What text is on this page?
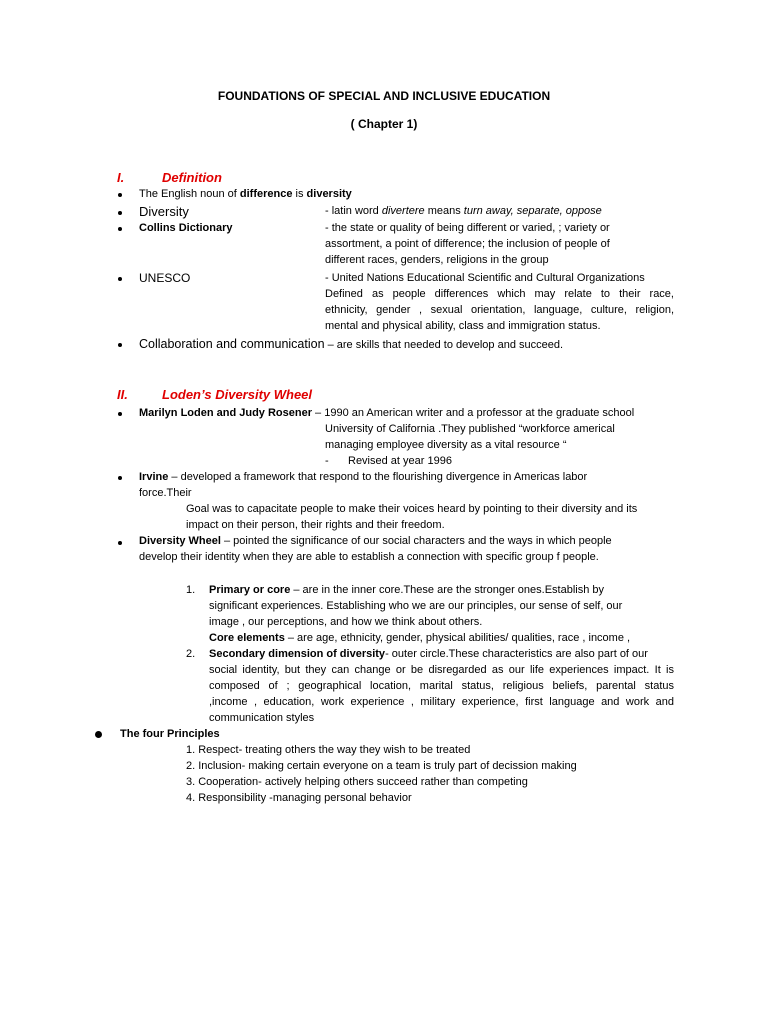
FOUNDATIONS OF SPECIAL AND INCLUSIVE EDUCATION
( Chapter 1)
I.	Definition
The English noun of difference is diversity
Diversity	- latin word divertere means turn away, separate, oppose
Collins Dictionary	- the state or quality of being different or varied, ; variety or
assortment, a point of difference; the inclusion of people of
different races, genders, religions in the group
UNESCO	- United Nations Educational Scientific and Cultural Organizations
Defined as people differences which may relate to their race,
ethnicity, gender , sexual orientation, language, culture, religion,
mental and physical ability, class and immigration status.
Collaboration and communication – are skills that needed to develop and succeed.
II.	Loden’s Diversity Wheel
Marilyn Loden and Judy Rosener – 1990 an American writer and a professor at the graduate school
University of California .They published “workforce americal
managing employee diversity as a vital resource “
- Revised at year 1996
Irvine – developed a framework that respond to the flourishing divergence in Americas labor
force.Their
Goal was to capacitate people to make their voices heard by pointing to their diversity and its
impact on their person, their rights and their freedom.
Diversity Wheel – pointed the significance of our social characters and the ways in which people
develop their identity when they are able to establish a connection with specific group f people.
1. Primary or core – are in the inner core.These are the stronger ones.Establish by
significant experiences. Establishing who we are our principles, our sense of self, our
image , our perceptions, and how we think about others.
Core elements – are age, ethnicity, gender, physical abilities/ qualities, race , income ,
2. Secondary dimension of diversity- outer circle.These characteristics are also part of our
social identity, but they can change or be disregarded as our life experiences impact. It is
composed of ; geographical location, marital status, religious beliefs, parental status
,income , education, work experience , military experience, first language and work and
communication styles
The four Principles
1. Respect- treating others the way they wish to be treated
2. Inclusion- making certain everyone on a team is truly part of decission making
3. Cooperation- actively helping others succeed rather than competing
4. Responsibility -managing personal behavior
